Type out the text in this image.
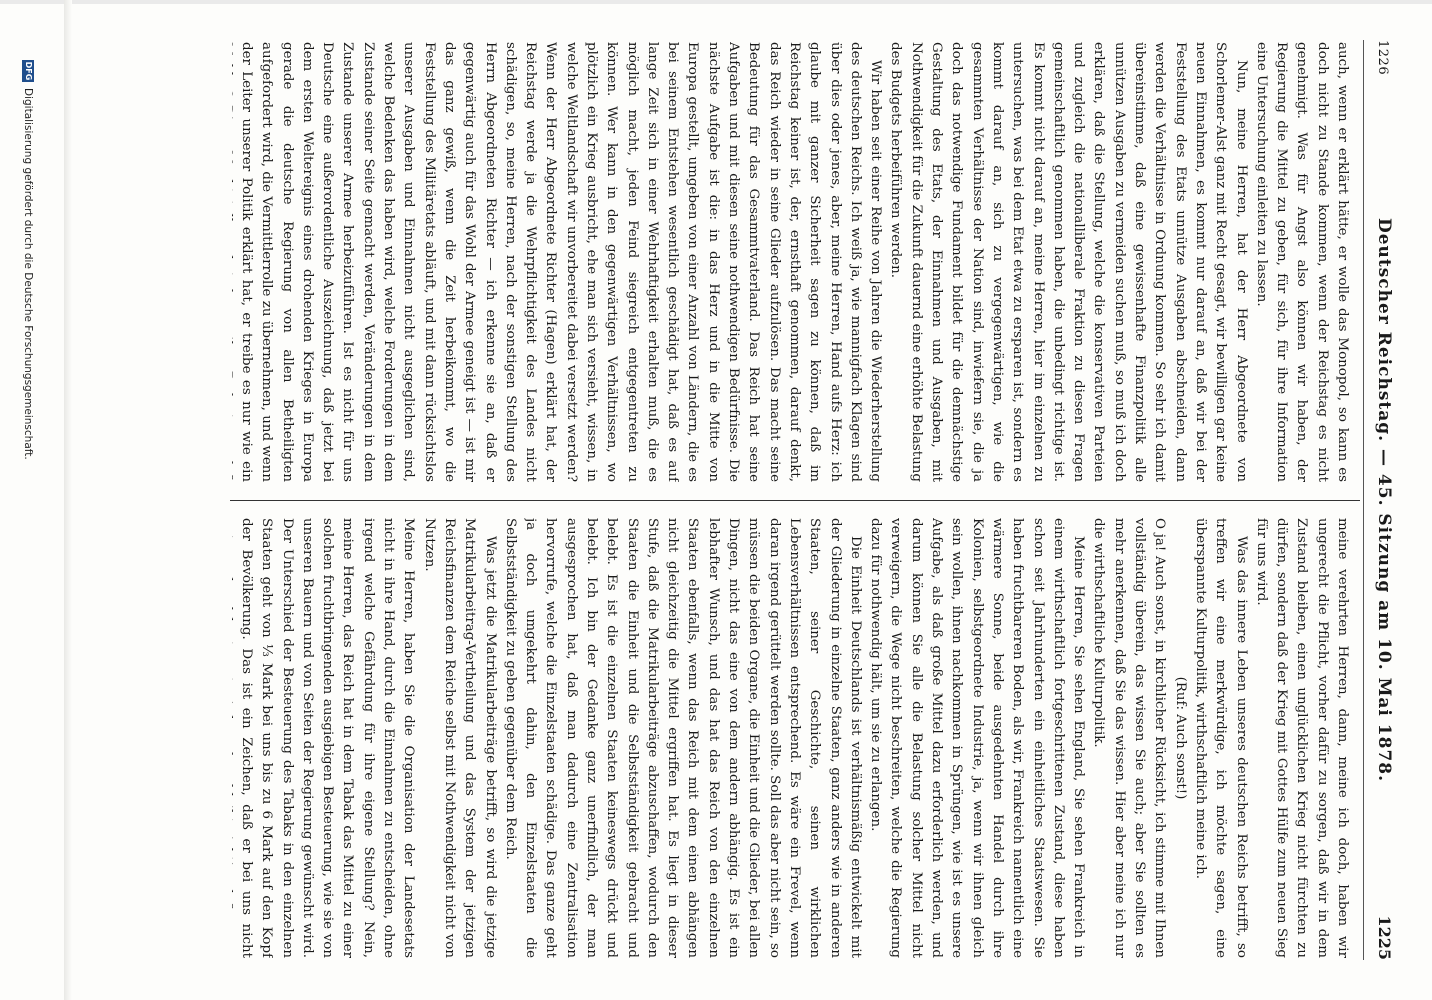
1226
Deutscher Reichstag. — 45. Sitzung am 10. Mai 1878.
1225

auch, wenn er erklärt hätte, er wolle das Monopol, so kann es doch nicht zu Stande kommen, wenn der Reichstag es nicht genehmigt. Was für Angst also können wir haben, der Regierung die Mittel zu geben, für sich, für ihre Information eine Untersuchung einleiten zu lassen.

Nun, meine Herren, hat der Herr Abgeordnete von Schorlemer-Alst ganz mit Recht gesagt, wir bewilligen gar keine neuen Einnahmen, es kommt nur darauf an, daß wir bei der Feststellung des Etats unnütze Ausgaben abschneiden, dann werden die Verhältnisse in Ordnung kommen. So sehr ich damit übereinstimme, daß eine gewissenhafte Finanzpolitik alle unnützen Ausgaben zu vermeiden suchen muß, so muß ich doch erklären, daß die Stellung, welche die konservativen Parteien und zugleich die nationalliberale Fraktion zu diesen Fragen gemeinschaftlich genommen haben, die unbedingt richtige ist. Es kommt nicht darauf an, meine Herren, hier im einzelnen zu untersuchen, was bei dem Etat etwa zu ersparen ist, sondern es kommt darauf an, sich zu vergegenwärtigen, wie die gesammten Verhältnisse der Nation sind, inwiefern sie, die ja doch das notwendige Fundament bildet für die demnächstige Gestaltung des Etats, der Einnahmen und Ausgaben, mit Nothwendigkeit für die Zukunft dauernd eine erhöhte Belastung des Budgets herbeiführen werden.

Wir haben seit einer Reihe von Jahren die Wiederherstellung des deutschen Reichs. Ich weiß ja, wie mannigfach Klagen sind über dies oder jenes, aber, meine Herren, Hand aufs Herz: ich glaube mit ganzer Sicherheit sagen zu können, daß im Reichstag keiner ist, der, ernsthaft genommen, darauf denkt, das Reich wieder in seine Glieder aufzulösen. Das macht seine Bedeutung für das Gesammtvaterland. Das Reich hat seine Aufgaben und mit diesen seine nothwendigen Bedürfnisse. Die nächste Aufgabe ist die: in das Herz und in die Mitte von Europa gestellt, umgeben von einer Anzahl von Ländern, die es bei seinem Entstehen wesentlich geschädigt hat, daß es auf lange Zeit sich in einer Wehrhaftigkeit erhalten muß, die es möglich macht, jeden Feind siegreich entgegentreten zu können. Wer kann in den gegenwärtigen Verhältnissen, wo plötzlich ein Krieg ausbricht, ehe man sich versieht, wissen, in welche Weltlandschaft wir unvorbereitet dabei versetzt werden? Wenn der Herr Abgeordnete Richter (Hagen) erklärt hat, der Reichstag werde ja die Wehrpflichtigkeit des Landes nicht schädigen, so, meine Herren, nach der sonstigen Stellung des Herrn Abgeordneten Richter — ich erkenne sie an, daß er gegenwärtig auch für das Wohl der Armee geneigt ist — ist mir das ganz gewiß, wenn die Zeit herbeikommt, wo die Feststellung des Militäretats abläuft, und mit dann rücksichtslos unserer Ausgaben und Einnahmen nicht ausgeglichen sind, welche Bedenken das haben wird, welche Forderungen in dem Zustande seiner Seite gemacht werden, Veränderungen in dem Zustande unserer Armee herbeizuführen. Ist es nicht für uns Deutsche eine außerordentliche Auszeichnung, daß jetzt bei dem ersten Weltereignis eines drohenden Krieges in Europa gerade die deutsche Regierung von allen Betheiligten aufgefordert wird, die Vermittlerrolle zu übernehmen, und wenn der Leiter unserer Politik erklärt hat, er treibe es nur wie ein

meine verehrten Herren, dann, meine ich doch, haben wir ungerecht die Pflicht, vorher dafür zu sorgen, daß wir in dem Zustand bleiben, einen unglücklichen Krieg nicht fürchten zu dürfen, sondern daß der Krieg mit Gottes Hülfe zum neuen Sieg für uns wird.

Was das innere Leben unseres deutschen Reichs betrifft, so treffen wir eine merkwürdige, ich möchte sagen, eine überspannte Kulturpolitik, wirthschaftlich meine ich.

(Ruf: Auch sonst!)

O ja! Auch sonst, in kirchlicher Rücksicht, ich stimme mit Ihnen vollständig überein, das wissen Sie auch; aber Sie sollten es mehr anerkennen, daß Sie das wissen. Hier aber meine ich nur die wirthschaftliche Kulturpolitik.

Meine Herren, Sie sehen England, Sie sehen Frankreich in einem wirthschaftlich fortgeschrittenen Zustand, diese haben schon seit Jahrhunderten ein einheitliches Staatswesen. Sie haben fruchtbareren Boden, als wir, Frankreich namentlich eine wärmere Sonne, beide ausgedehnten Handel durch ihre Kolonien, selbstgeordnete Industrie, ja, wenn wir ihnen gleich sein wollen, ihnen nachkommen in Sprüngen, wie ist es unsere Aufgabe, als daß große Mittel dazu erforderlich werden, und darum können Sie alle die Belastung solcher Mittel nicht verweigern, die Wege nicht beschreiten, welche die Regierung dazu für nothwendig hält, um sie zu erlangen.

Die Einheit Deutschlands ist verhältnismäßig entwickelt mit der Gliederung in einzelne Staaten, ganz anders wie in anderen Staaten, seiner Geschichte, seinen wirklichen Lebensverhältnissen entsprechend. Es wäre ein Frevel, wenn daran irgend gerüttelt werden sollte. Soll das aber nicht sein, so müssen die beiden Organe, die Einheit und die Glieder, bei allen Dingen, nicht das eine von dem andern abhängig. Es ist ein lebhafter Wunsch, und das hat das Reich von den einzelnen Staaten ebenfalls, wenn das Reich mit dem einen abhängen nicht gleichzeitig die Mittel ergriffen hat. Es liegt in dieser Stufe, daß die Matrikularbeiträge abzuschaffen, wodurch den Staaten die Einheit und die Selbstständigkeit gebracht und belebt. Es ist die einzelnen Staaten keineswegs drückt und belebt. Ich bin der Gedanke ganz unerfindlich, der man ausgesprochen hat, daß man dadurch eine Zentralisation hervorrufe, welche die Einzelstaaten schädige. Das ganze geht ja doch umgekehrt dahin, den Einzelstaaten die Selbstständigkeit zu geben gegenüber dem Reich.

Was jetzt die Matrikularbeiträge betrifft, so wird die jetzige Matrikularbeitrag-Vertheilung und das System der jetzigen Reichsfinanzen dem Reiche selbst mit Nothwendigkeit nicht von Nutzen.

Meine Herren, haben Sie die Organisation der Landesetats nicht in ihre Hand, durch die Einnahmen zu entscheiden, ohne irgend welche Gefährdung für ihre eigene Stellung? Nein, meine Herren, das Reich hat in dem Tabak das Mittel zu einer solchen fruchtbringenden ausgiebigen Besteuerung, wie sie von unseren Bauern und von Seiten der Regierung gewünscht wird. Der Unterschied der Besteuerung des Tabaks in den einzelnen Staaten geht von ⅓ Mark bei uns bis zu 6 Mark auf den Kopf der Bevölkerung. Das ist ein Zeichen, daß er bei uns nicht

DFGDigitalisierung gefördert durch die Deutsche Forschungsgemeinschaft.
